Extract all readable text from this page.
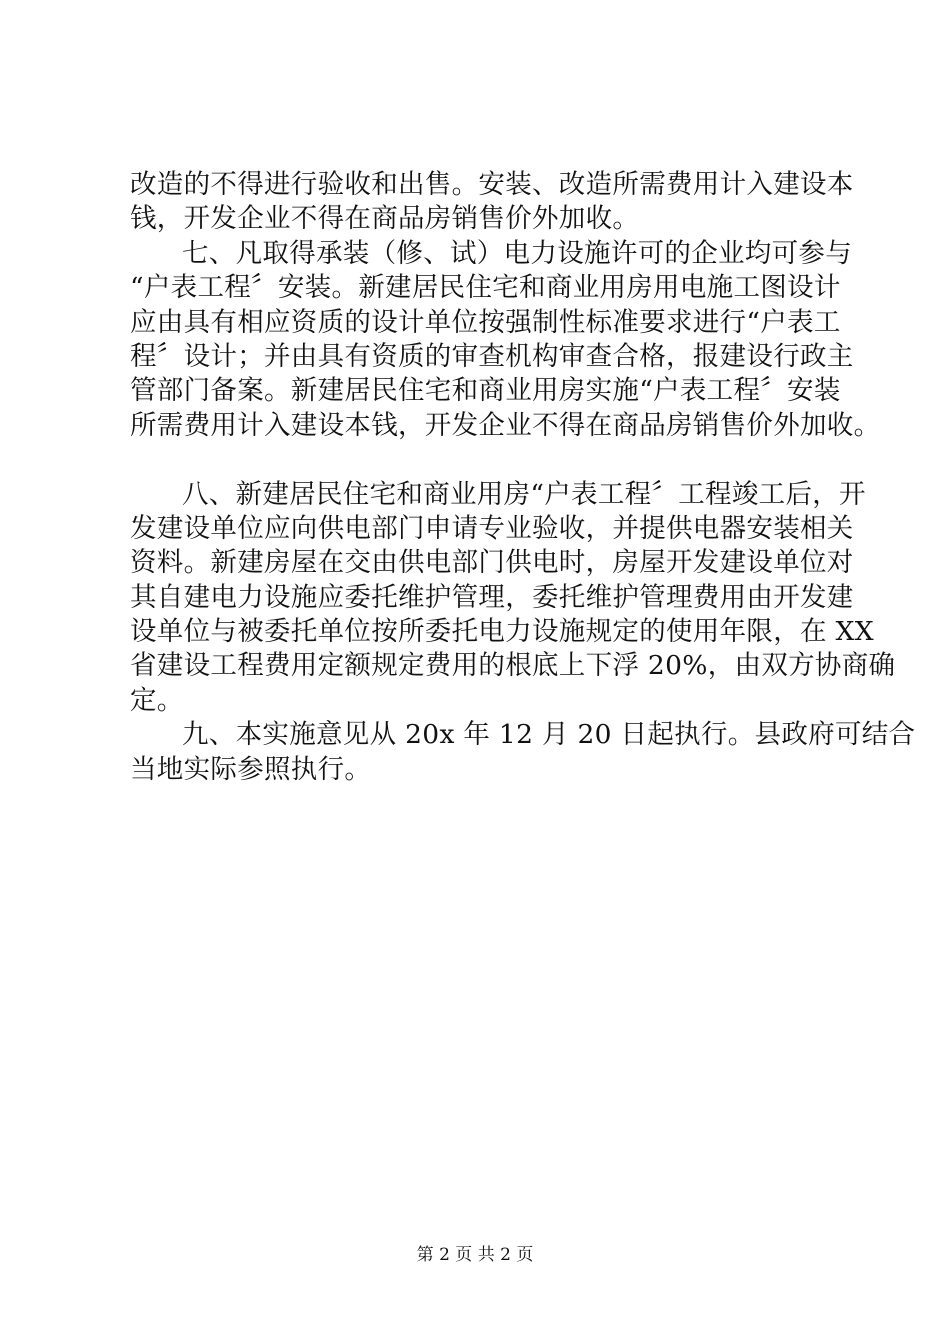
改造的不得进行验收和出售。安装、改造所需费用计入建设本
钱，开发企业不得在商品房销售价外加收。
七、凡取得承装（修、试）电力设施许可的企业均可参与
“户表工程〞安装。新建居民住宅和商业用房用电施工图设计
应由具有相应资质的设计单位按强制性标准要求进行“户表工
程〞设计；并由具有资质的审查机构审查合格，报建设行政主
管部门备案。新建居民住宅和商业用房实施“户表工程〞安装
所需费用计入建设本钱，开发企业不得在商品房销售价外加收。
八、新建居民住宅和商业用房“户表工程〞工程竣工后，开
发建设单位应向供电部门申请专业验收，并提供电器安装相关
资料。新建房屋在交由供电部门供电时，房屋开发建设单位对
其自建电力设施应委托维护管理，委托维护管理费用由开发建
设单位与被委托单位按所委托电力设施规定的使用年限，在 XX
省建设工程费用定额规定费用的根底上下浮 20%，由双方协商确
定。
九、本实施意见从 20x 年 12 月 20 日起执行。县政府可结合
当地实际参照执行。
第 2 页 共 2 页
